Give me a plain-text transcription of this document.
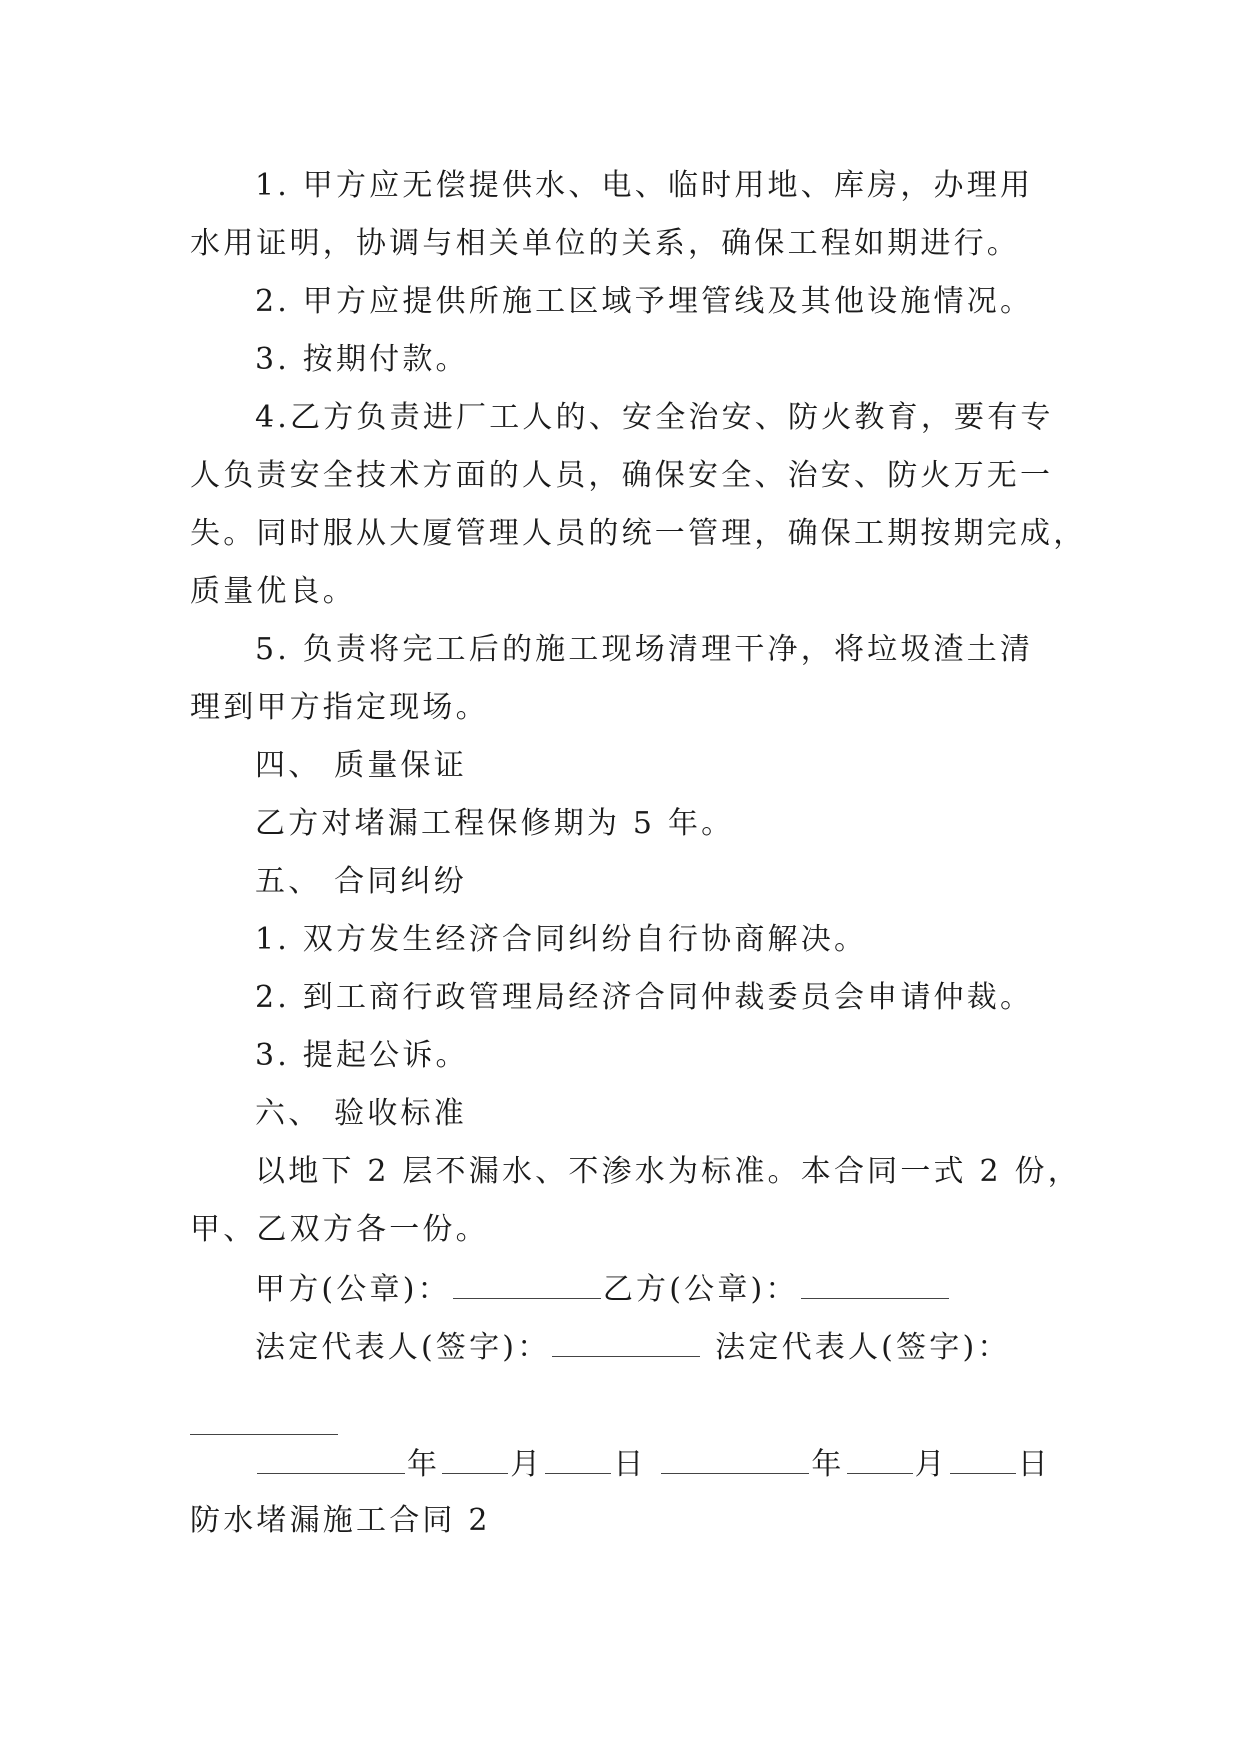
1. 甲方应无偿提供水、电、临时用地、库房，办理用
水用证明，协调与相关单位的关系，确保工程如期进行。
2. 甲方应提供所施工区域予埋管线及其他设施情况。
3. 按期付款。
4.乙方负责进厂工人的、安全治安、防火教育，要有专
人负责安全技术方面的人员，确保安全、治安、防火万无一
失。同时服从大厦管理人员的统一管理，确保工期按期完成，
质量优良。
5. 负责将完工后的施工现场清理干净，将垃圾渣土清
理到甲方指定现场。
四、 质量保证
乙方对堵漏工程保修期为 5 年。
五、 合同纠纷
1. 双方发生经济合同纠纷自行协商解决。
2. 到工商行政管理局经济合同仲裁委员会申请仲裁。
3. 提起公诉。
六、 验收标准
以地下 2 层不漏水、不渗水为标准。本合同一式 2 份，
甲、乙双方各一份。
甲方(公章)：	乙方(公章)：
法定代表人(签字)：	法定代表人(签字)：
年 月 日	年 月 日
防水堵漏施工合同 2
